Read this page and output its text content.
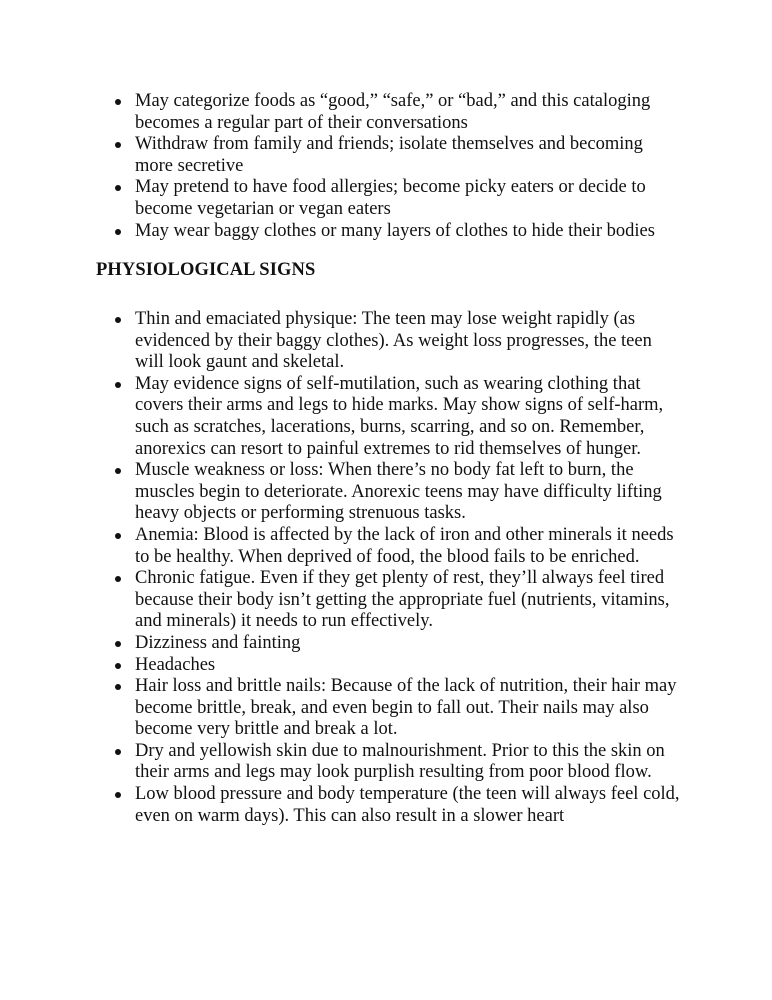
May categorize foods as “good,” “safe,” or “bad,” and this cataloging becomes a regular part of their conversations
Withdraw from family and friends; isolate themselves and becoming more secretive
May pretend to have food allergies; become picky eaters or decide to become vegetarian or vegan eaters
May wear baggy clothes or many layers of clothes to hide their bodies
PHYSIOLOGICAL SIGNS
Thin and emaciated physique: The teen may lose weight rapidly (as evidenced by their baggy clothes). As weight loss progresses, the teen will look gaunt and skeletal.
May evidence signs of self-mutilation, such as wearing clothing that covers their arms and legs to hide marks. May show signs of self-harm, such as scratches, lacerations, burns, scarring, and so on. Remember, anorexics can resort to painful extremes to rid themselves of hunger.
Muscle weakness or loss: When there’s no body fat left to burn, the muscles begin to deteriorate. Anorexic teens may have difficulty lifting heavy objects or performing strenuous tasks.
Anemia: Blood is affected by the lack of iron and other minerals it needs to be healthy. When deprived of food, the blood fails to be enriched.
Chronic fatigue. Even if they get plenty of rest, they’ll always feel tired because their body isn’t getting the appropriate fuel (nutrients, vitamins, and minerals) it needs to run effectively.
Dizziness and fainting
Headaches
Hair loss and brittle nails: Because of the lack of nutrition, their hair may become brittle, break, and even begin to fall out. Their nails may also become very brittle and break a lot.
Dry and yellowish skin due to malnourishment. Prior to this the skin on their arms and legs may look purplish resulting from poor blood flow.
Low blood pressure and body temperature (the teen will always feel cold, even on warm days). This can also result in a slower heart
